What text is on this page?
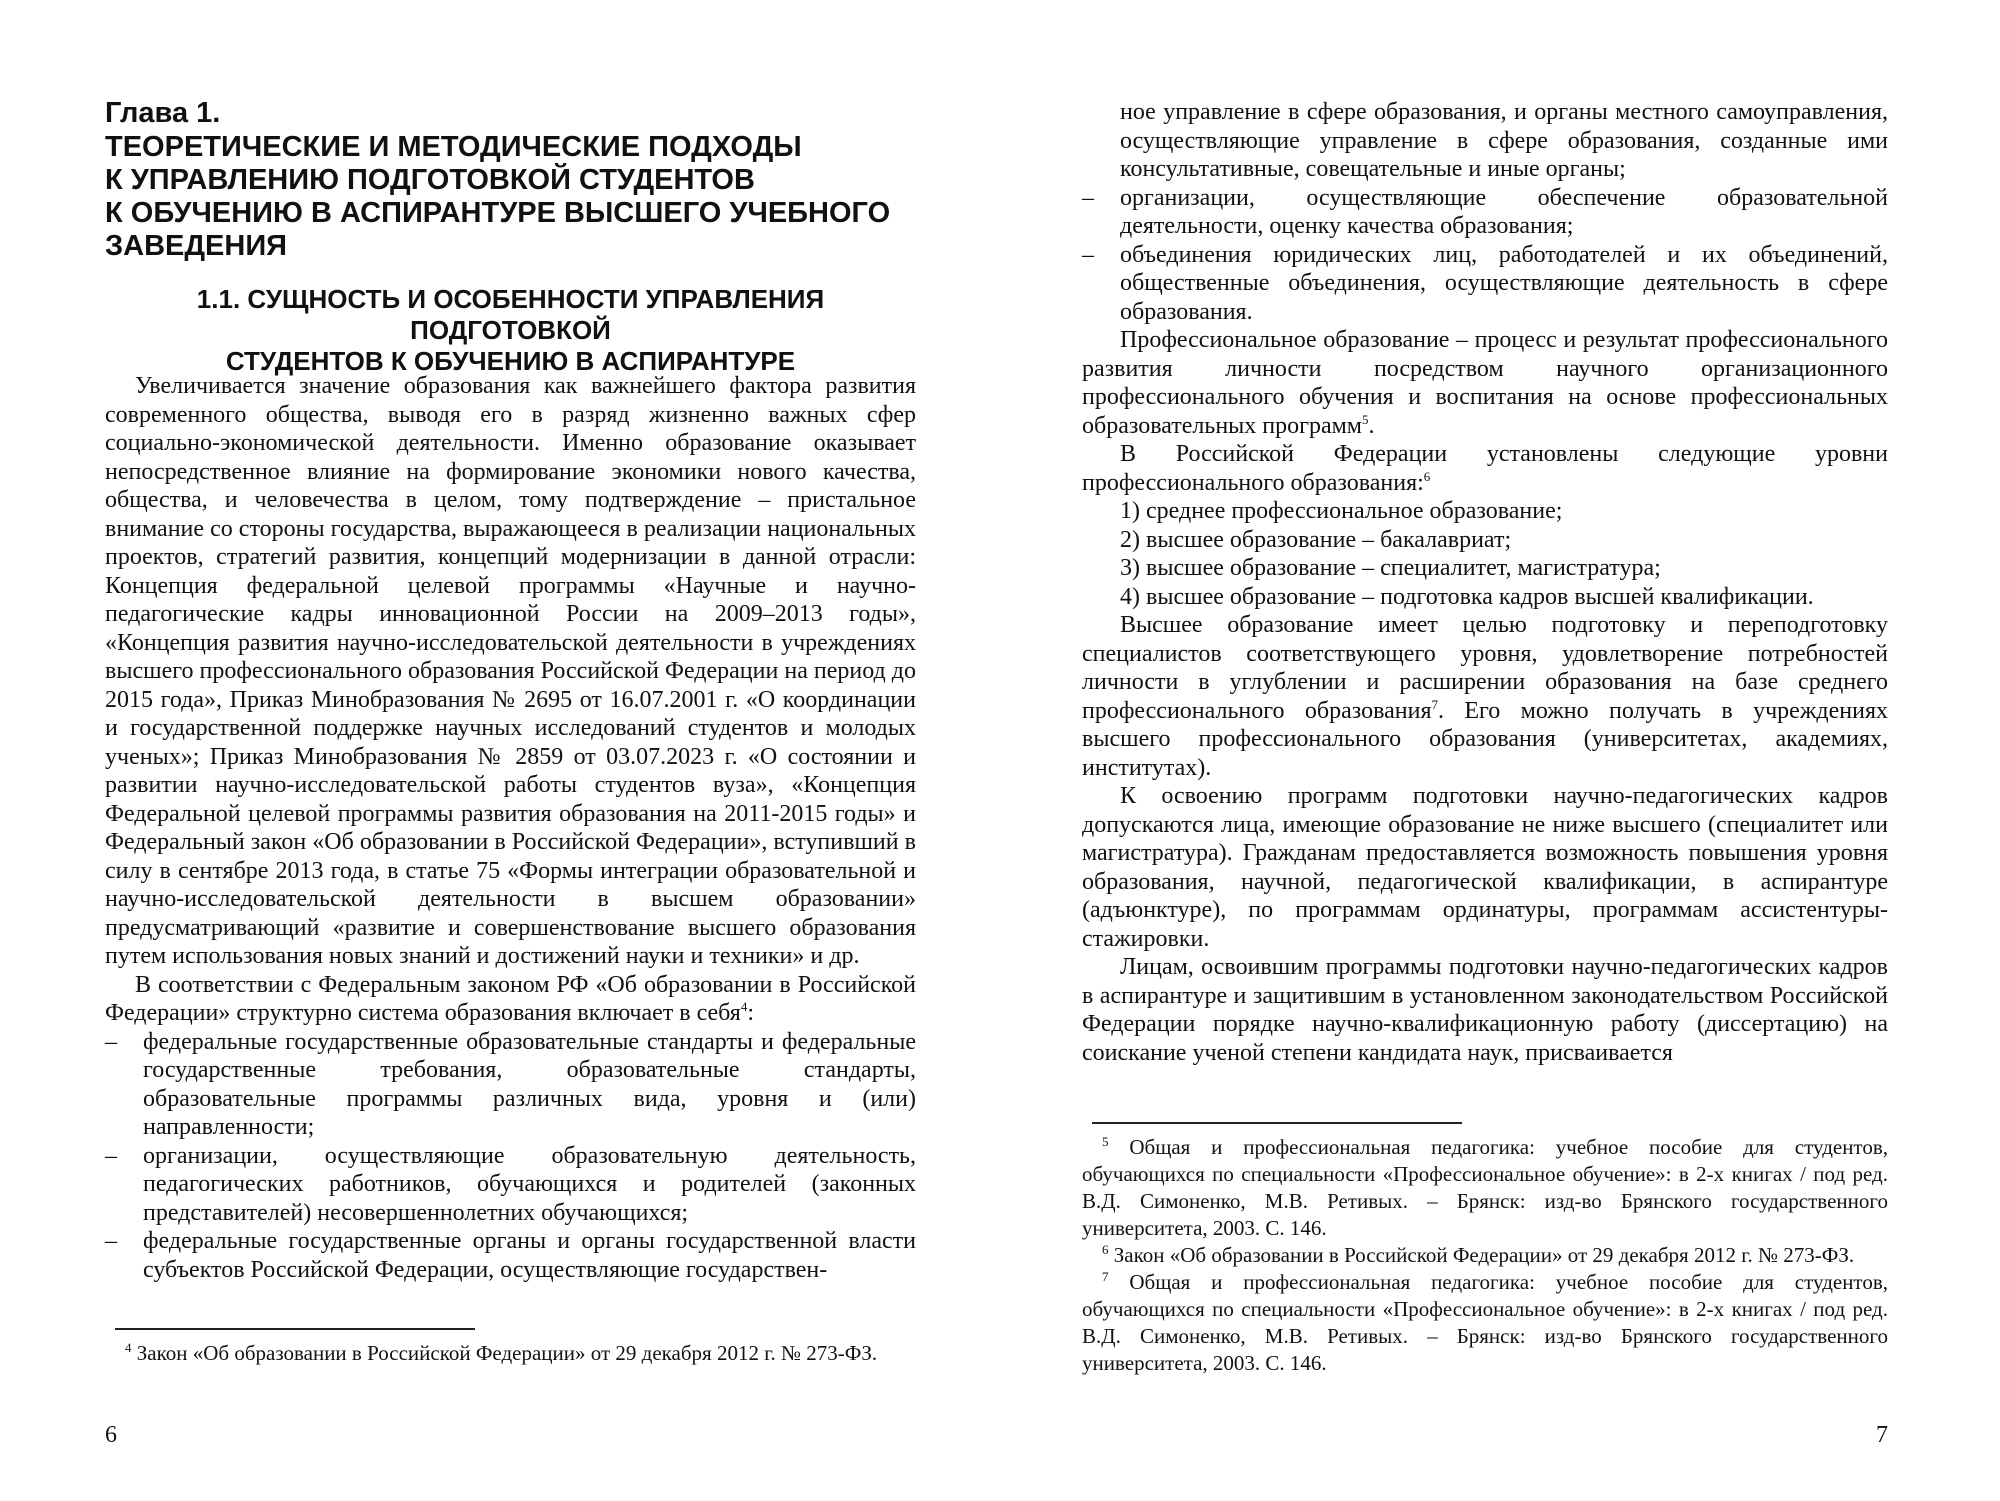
Глава 1.
ТЕОРЕТИЧЕСКИЕ И МЕТОДИЧЕСКИЕ ПОДХОДЫ
К УПРАВЛЕНИЮ ПОДГОТОВКОЙ СТУДЕНТОВ
К ОБУЧЕНИЮ В АСПИРАНТУРЕ ВЫСШЕГО УЧЕБНОГО
ЗАВЕДЕНИЯ
1.1. СУЩНОСТЬ И ОСОБЕННОСТИ УПРАВЛЕНИЯ ПОДГОТОВКОЙ
СТУДЕНТОВ К ОБУЧЕНИЮ В АСПИРАНТУРЕ

Увеличивается значение образования как важнейшего фактора развития современного общества, выводя его в разряд жизненно важных сфер социально-экономической деятельности. Именно образование оказывает непосредственное влияние на формирование экономики нового качества, общества, и человечества в целом, тому подтверждение – пристальное внимание со стороны государства, выражающееся в реализации национальных проектов, стратегий развития, концепций модернизации в данной отрасли: Концепция федеральной целевой программы «Научные и научно-педагогические кадры инновационной России на 2009–2013 годы», «Концепция развития научно-исследовательской деятельности в учреждениях высшего профессионального образования Российской Федерации на период до 2015 года», Приказ Минобразования № 2695 от 16.07.2001 г. «О координации и государственной поддержке научных исследований студентов и молодых ученых»; Приказ Минобразования № 2859 от 03.07.2023 г. «О состоянии и развитии научно-исследовательской работы студентов вуза», «Концепция Федеральной целевой программы развития образования на 2011-2015 годы» и Федеральный закон «Об образовании в Российской Федерации», вступивший в силу в сентябре 2013 года, в статье 75 «Формы интеграции образовательной и научно-исследовательской деятельности в высшем образовании» предусматривающий «развитие и совершенствование высшего образования путем использования новых знаний и достижений науки и техники» и др.

В соответствии с Федеральным законом РФ «Об образовании в Российской Федерации» структурно система образования включает в себя$^4$:

–	федеральные государственные образовательные стандарты и федеральные государственные требования, образовательные стандарты, образовательные программы различных вида, уровня и (или) направленности;
–	организации, осуществляющие образовательную деятельность, педагогических работников, обучающихся и родителей (законных представителей) несовершеннолетних обучающихся;
–	федеральные государственные органы и органы государственной власти субъектов Российской Федерации, осуществляющие государствен-

$^4$ Закон «Об образовании в Российской Федерации» от 29 декабря 2012 г. № 273-ФЗ.

6

ное управление в сфере образования, и органы местного самоуправления, осуществляющие управление в сфере образования, созданные ими консультативные, совещательные и иные органы;

–	организации, осуществляющие обеспечение образовательной деятельности, оценку качества образования;
–	объединения юридических лиц, работодателей и их объединений, общественные объединения, осуществляющие деятельность в сфере образования.

Профессиональное образование – процесс и результат профессионального развития личности посредством научного организационного профессионального обучения и воспитания на основе профессиональных образовательных программ$^5$.

В Российской Федерации установлены следующие уровни профессионального образования:$^6$

1) среднее профессиональное образование;
2) высшее образование – бакалавриат;
3) высшее образование – специалитет, магистратура;
4) высшее образование – подготовка кадров высшей квалификации.

Высшее образование имеет целью подготовку и переподготовку специалистов соответствующего уровня, удовлетворение потребностей личности в углублении и расширении образования на базе среднего профессионального образования$^7$. Его можно получать в учреждениях высшего профессионального образования (университетах, академиях, институтах).

К освоению программ подготовки научно-педагогических кадров допускаются лица, имеющие образование не ниже высшего (специалитет или магистратура). Гражданам предоставляется возможность повышения уровня образования, научной, педагогической квалификации, в аспирантуре (адъюнктуре), по программам ординатуры, программам ассистентуры-стажировки.

Лицам, освоившим программы подготовки научно-педагогических кадров в аспирантуре и защитившим в установленном законодательством Российской Федерации порядке научно-квалификационную работу (диссертацию) на соискание ученой степени кандидата наук, присваивается

$^5$ Общая и профессиональная педагогика: учебное пособие для студентов, обучающихся по специальности «Профессиональное обучение»: в 2-х книгах / под ред. В.Д. Симоненко, М.В. Ретивых. – Брянск: изд-во Брянского государственного университета, 2003. С. 146.

$^6$ Закон «Об образовании в Российской Федерации» от 29 декабря 2012 г. № 273-ФЗ.

$^7$ Общая и профессиональная педагогика: учебное пособие для студентов, обучающихся по специальности «Профессиональное обучение»: в 2-х книгах / под ред. В.Д. Симоненко, М.В. Ретивых. – Брянск: изд-во Брянского государственного университета, 2003. С. 146.

7
